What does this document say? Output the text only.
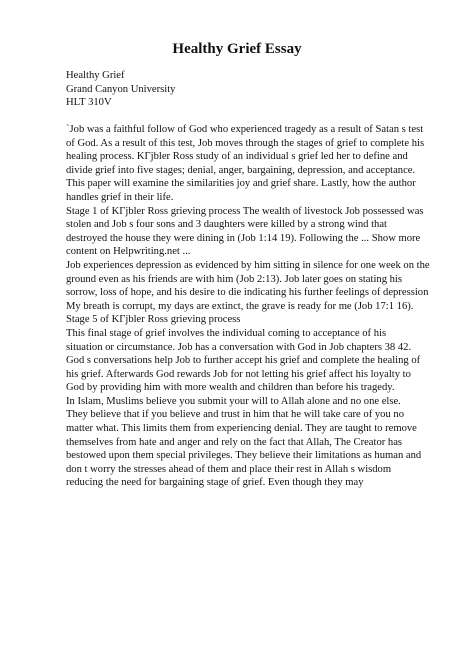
Healthy Grief Essay
Healthy Grief
Grand Canyon University
HLT 310V
`Job was a faithful follow of God who experienced tragedy as a result of Satan s test
of God. As a result of this test, Job moves through the stages of grief to complete his
healing process. KΓjbler Ross study of an individual s grief led her to define and
divide grief into five stages; denial, anger, bargaining, depression, and acceptance.
This paper will examine the similarities joy and grief share. Lastly, how the author
handles grief in their life.
Stage 1 of KΓjbler Ross grieving process The wealth of livestock Job possessed was
stolen and Job s four sons and 3 daughters were killed by a strong wind that
destroyed the house they were dining in (Job 1:14 19). Following the ... Show more
content on Helpwriting.net ...
Job experiences depression as evidenced by him sitting in silence for one week on the
ground even as his friends are with him (Job 2:13). Job later goes on stating his
sorrow, loss of hope, and his desire to die indicating his further feelings of depression
My breath is corrupt, my days are extinct, the grave is ready for me (Job 17:1 16).
Stage 5 of KΓjbler Ross grieving process
This final stage of grief involves the individual coming to acceptance of his
situation or circumstance. Job has a conversation with God in Job chapters 38 42.
God s conversations help Job to further accept his grief and complete the healing of
his grief. Afterwards God rewards Job for not letting his grief affect his loyalty to
God by providing him with more wealth and children than before his tragedy.
In Islam, Muslims believe you submit your will to Allah alone and no one else.
They believe that if you believe and trust in him that he will take care of you no
matter what. This limits them from experiencing denial. They are taught to remove
themselves from hate and anger and rely on the fact that Allah, The Creator has
bestowed upon them special privileges. They believe their limitations as human and
don t worry the stresses ahead of them and place their rest in Allah s wisdom
reducing the need for bargaining stage of grief. Even though they may
